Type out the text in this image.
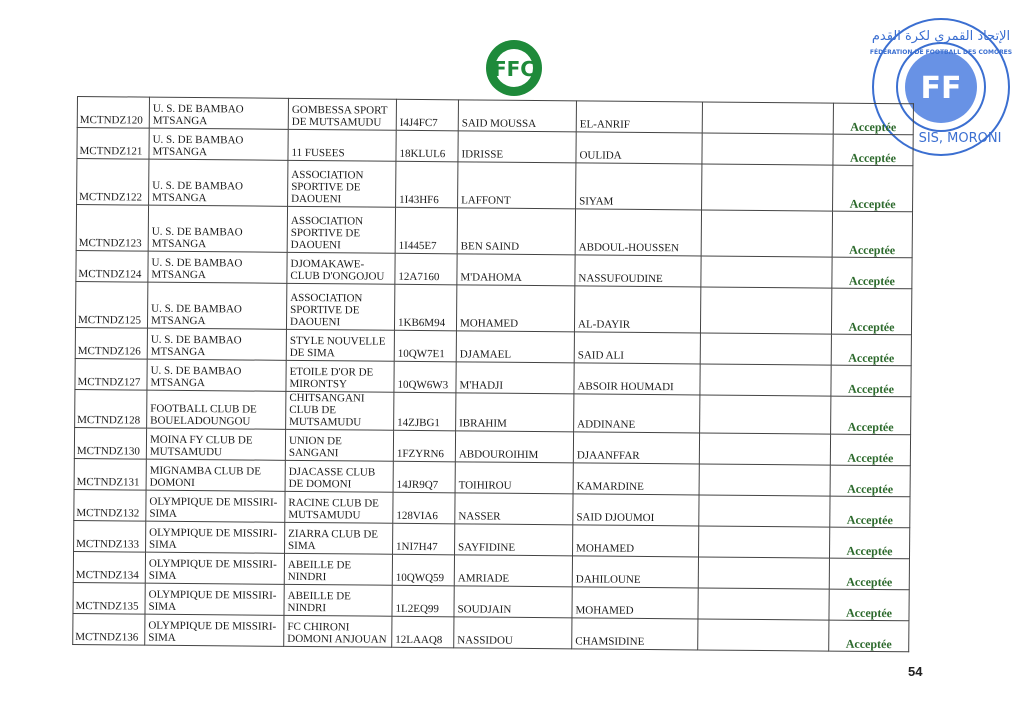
FFC
FF
الإتحاد القمري لكرة القدم
FÉDÉRATION DE FOOTBALL DES COMORES
SIS, MORONI
MCTNDZ120	U. S. DE BAMBAO MTSANGA	GOMBESSA SPORT DE MUTSAMUDU	I4J4FC7	SAID MOUSSA	EL-ANRIF		Acceptée
MCTNDZ121	U. S. DE BAMBAO MTSANGA	11 FUSEES	18KLUL6	IDRISSE	OULIDA		Acceptée
MCTNDZ122	U. S. DE BAMBAO MTSANGA	ASSOCIATION SPORTIVE DE DAOUENI	1I43HF6	LAFFONT	SIYAM		Acceptée
MCTNDZ123	U. S. DE BAMBAO MTSANGA	ASSOCIATION SPORTIVE DE DAOUENI	1I445E7	BEN SAIND	ABDOUL-HOUSSEN		Acceptée
MCTNDZ124	U. S. DE BAMBAO MTSANGA	DJOMAKAWE-CLUB D'ONGOJOU	12A7160	M'DAHOMA	NASSUFOUDINE		Acceptée
MCTNDZ125	U. S. DE BAMBAO MTSANGA	ASSOCIATION SPORTIVE DE DAOUENI	1KB6M94	MOHAMED	AL-DAYIR		Acceptée
MCTNDZ126	U. S. DE BAMBAO MTSANGA	STYLE NOUVELLE DE SIMA	10QW7E1	DJAMAEL	SAID ALI		Acceptée
MCTNDZ127	U. S. DE BAMBAO MTSANGA	ETOILE D'OR DE MIRONTSY	10QW6W3	M'HADJI	ABSOIR HOUMADI		Acceptée
MCTNDZ128	FOOTBALL CLUB DE BOUELADOUNGOU	CHITSANGANI CLUB DE MUTSAMUDU	14ZJBG1	IBRAHIM	ADDINANE		Acceptée
MCTNDZ130	MOINA FY CLUB DE MUTSAMUDU	UNION DE SANGANI	1FZYRN6	ABDOUROIHIM	DJAANFFAR		Acceptée
MCTNDZ131	MIGNAMBA CLUB DE DOMONI	DJACASSE CLUB DE DOMONI	14JR9Q7	TOIHIROU	KAMARDINE		Acceptée
MCTNDZ132	OLYMPIQUE DE MISSIRI-SIMA	RACINE CLUB DE MUTSAMUDU	128VIA6	NASSER	SAID DJOUMOI		Acceptée
MCTNDZ133	OLYMPIQUE DE MISSIRI-SIMA	ZIARRA CLUB DE SIMA	1NI7H47	SAYFIDINE	MOHAMED		Acceptée
MCTNDZ134	OLYMPIQUE DE MISSIRI-SIMA	ABEILLE DE NINDRI	10QWQ59	AMRIADE	DAHILOUNE		Acceptée
MCTNDZ135	OLYMPIQUE DE MISSIRI-SIMA	ABEILLE DE NINDRI	1L2EQ99	SOUDJAIN	MOHAMED		Acceptée
MCTNDZ136	OLYMPIQUE DE MISSIRI-SIMA	FC CHIRONI DOMONI ANJOUAN	12LAAQ8	NASSIDOU	CHAMSIDINE		Acceptée
54
